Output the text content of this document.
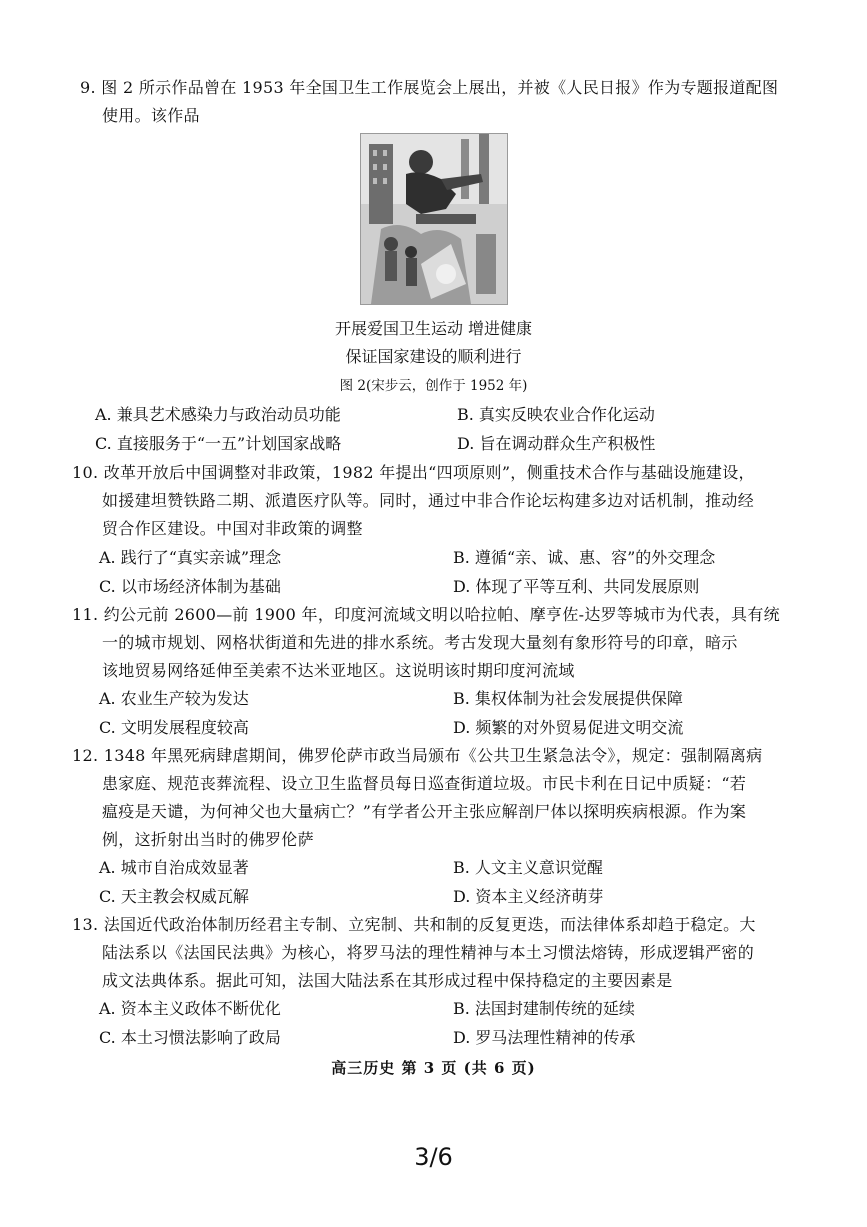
9. 图 2 所示作品曾在 1953 年全国卫生工作展览会上展出，并被《人民日报》作为专题报道配图
使用。该作品
开展爱国卫生运动 增进健康
保证国家建设的顺利进行
图 2(宋步云，创作于 1952 年)
A. 兼具艺术感染力与政治动员功能	B. 真实反映农业合作化运动
C. 直接服务于“一五”计划国家战略	D. 旨在调动群众生产积极性
10. 改革开放后中国调整对非政策，1982 年提出“四项原则”，侧重技术合作与基础设施建设，
如援建坦赞铁路二期、派遣医疗队等。同时，通过中非合作论坛构建多边对话机制，推动经
贸合作区建设。中国对非政策的调整
A. 践行了“真实亲诚”理念	B. 遵循“亲、诚、惠、容”的外交理念
C. 以市场经济体制为基础	D. 体现了平等互利、共同发展原则
11. 约公元前 2600—前 1900 年，印度河流域文明以哈拉帕、摩亨佐-达罗等城市为代表，具有统
一的城市规划、网格状街道和先进的排水系统。考古发现大量刻有象形符号的印章，暗示
该地贸易网络延伸至美索不达米亚地区。这说明该时期印度河流域
A. 农业生产较为发达	B. 集权体制为社会发展提供保障
C. 文明发展程度较高	D. 频繁的对外贸易促进文明交流
12. 1348 年黑死病肆虐期间，佛罗伦萨市政当局颁布《公共卫生紧急法令》，规定：强制隔离病
患家庭、规范丧葬流程、设立卫生监督员每日巡查街道垃圾。市民卡利在日记中质疑：“若
瘟疫是天谴，为何神父也大量病亡？”有学者公开主张应解剖尸体以探明疾病根源。作为案
例，这折射出当时的佛罗伦萨
A. 城市自治成效显著	B. 人文主义意识觉醒
C. 天主教会权威瓦解	D. 资本主义经济萌芽
13. 法国近代政治体制历经君主专制、立宪制、共和制的反复更迭，而法律体系却趋于稳定。大
陆法系以《法国民法典》为核心，将罗马法的理性精神与本土习惯法熔铸，形成逻辑严密的
成文法典体系。据此可知，法国大陆法系在其形成过程中保持稳定的主要因素是
A. 资本主义政体不断优化	B. 法国封建制传统的延续
C. 本土习惯法影响了政局	D. 罗马法理性精神的传承
高三历史 第 3 页 (共 6 页)
3/6
